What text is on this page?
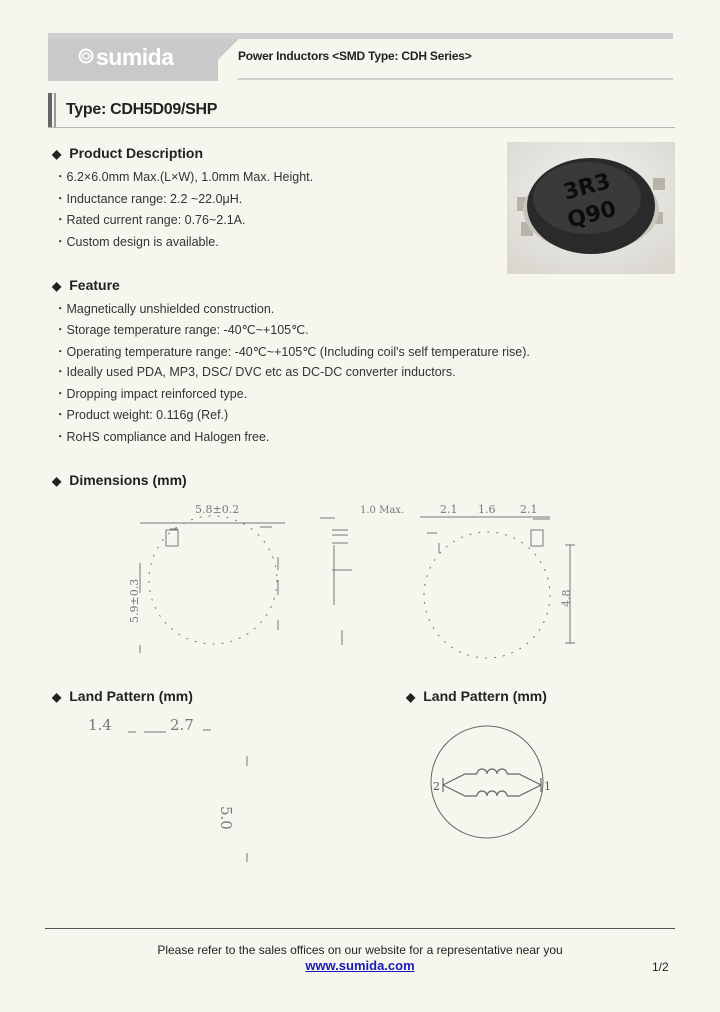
sumida	Power Inductors <SMD Type: CDH Series>
Type: CDH5D09/SHP
◆ Product Description
・6.2×6.0mm Max.(L×W), 1.0mm Max. Height.
・Inductance range: 2.2 ~22.0μH.
・Rated current range: 0.76~2.1A.
・Custom design is available.
3R3
Q90
◆ Feature
・Magnetically unshielded construction.
・Storage temperature range: -40℃~+105℃.
・Operating temperature range: -40℃~+105℃ (Including coil's self temperature rise).
・Ideally used PDA, MP3, DSC/ DVC etc as DC-DC converter inductors.
・Dropping impact reinforced type.
・Product weight: 0.116g (Ref.)
・RoHS compliance and Halogen free.
◆ Dimensions (mm)
5.8±0.2
5.9±0.3
1.0 Max.	2.1 1.6 2.1
4.8
◆ Land Pattern (mm)
1.4	2.7
5.0
◆ Land Pattern (mm)
2	1
Please refer to the sales offices on our website for a representative near you
www.sumida.com	1/2
